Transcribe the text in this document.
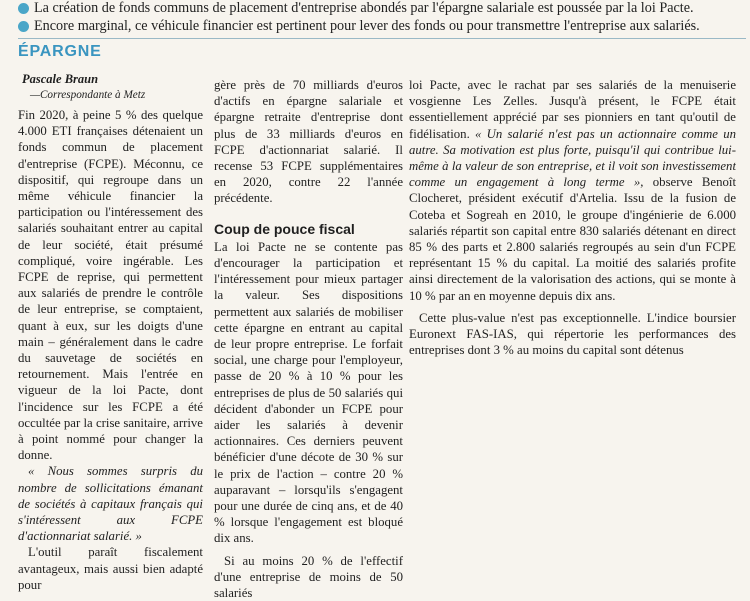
La création de fonds communs de placement d'entreprise abondés par l'épargne salariale est poussée par la loi Pacte.
Encore marginal, ce véhicule financier est pertinent pour lever des fonds ou pour transmettre l'entreprise aux salariés.
ÉPARGNE
Pascale Braun
—Correspondante à Metz

Fin 2020, à peine 5 % des quelque 4.000 ETI françaises détenaient un fonds commun de placement d'entreprise (FCPE). Méconnu, ce dispositif, qui regroupe dans un même véhicule financier la participation ou l'intéressement des salariés souhaitant entrer au capital de leur société, était présumé compliqué, voire ingérable. Les FCPE de reprise, qui permettent aux salariés de prendre le contrôle de leur entreprise, se comptaient, quant à eux, sur les doigts d'une main – généralement dans le cadre du sauvetage de sociétés en retournement. Mais l'entrée en vigueur de la loi Pacte, dont l'incidence sur les FCPE a été occultée par la crise sanitaire, arrive à point nommé pour changer la donne.

« Nous sommes surpris du nombre de sollicitations émanant de sociétés à capitaux français qui s'intéressent aux FCPE d'actionnariat salarié. »

L'outil paraît fiscalement avantageux, mais aussi bien adapté pour

gère près de 70 milliards d'euros d'actifs en épargne salariale et épargne retraite d'entreprise dont plus de 33 milliards d'euros en FCPE d'actionnariat salarié. Il recense 53 FCPE supplémentaires en 2020, contre 22 l'année précédente.

Coup de pouce fiscal

La loi Pacte ne se contente pas d'encourager la participation et l'intéressement pour mieux partager la valeur. Ses dispositions permettent aux salariés de mobiliser cette épargne en entrant au capital de leur propre entreprise. Le forfait social, une charge pour l'employeur, passe de 20 % à 10 % pour les entreprises de plus de 50 salariés qui décident d'abonder un FCPE pour aider les salariés à devenir actionnaires. Ces derniers peuvent bénéficier d'une décote de 30 % sur le prix de l'action – contre 20 % auparavant – lorsqu'ils s'engagent pour une durée de cinq ans, et de 40 % lorsque l'engagement est bloqué dix ans.

Si au moins 20 % de l'effectif d'une entreprise de moins de 50 salariés

loi Pacte, avec le rachat par ses salariés de la menuiserie vosgienne Les Zelles. Jusqu'à présent, le FCPE était essentiellement apprécié par ses pionniers en tant qu'outil de fidélisation. « Un salarié n'est pas un actionnaire comme un autre. Sa motivation est plus forte, puisqu'il qui contribue lui-même à la valeur de son entreprise, et il voit son investissement comme un engagement à long terme », observe Benoît Clocheret, président exécutif d'Artelia. Issu de la fusion de Coteba et Sogreah en 2010, le groupe d'ingénierie de 6.000 salariés répartit son capital entre 830 salariés détenant en direct 85 % des parts et 2.800 salariés regroupés au sein d'un FCPE représentant 15 % du capital. La moitié des salariés profite ainsi directement de la valorisation des actions, qui se monte à 10 % par an en moyenne depuis dix ans.

Cette plus-value n'est pas exceptionnelle. L'indice boursier Euronext FAS-IAS, qui répertorie les performances des entreprises dont 3 % au moins du capital sont détenus
